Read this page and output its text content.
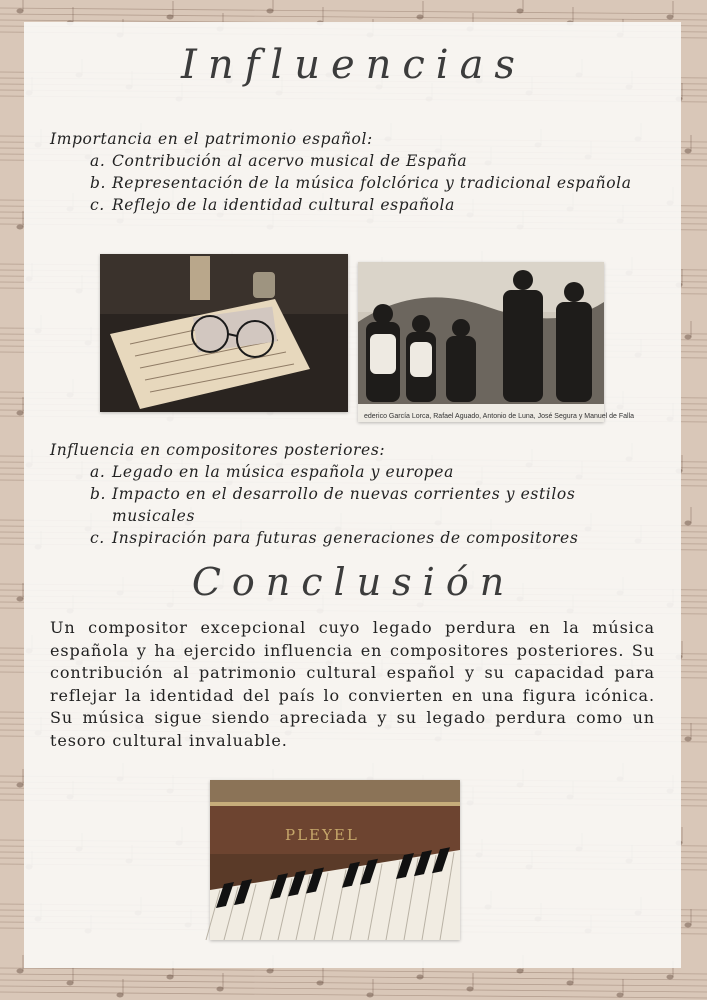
Influencias

Importancia en el patrimonio español:

a. Contribución al acervo musical de España
b. Representación de la música folclórica y tradicional española
c. Reflejo de la identidad cultural española
ederico García Lorca, Rafael Aguado, Antonio de Luna, José Segura y Manuel de Falla

Influencia en compositores posteriores:

a. Legado en la música española y europea
b. Impacto en el desarrollo de nuevas corrientes y estilos musicales
c. Inspiración para futuras generaciones de compositores
Conclusión

Un compositor excepcional cuyo legado perdura en la música española y ha ejercido influencia en compositores posteriores. Su contribución al patrimonio cultural español y su capacidad para reflejar la identidad del país lo convierten en una figura icónica. Su música sigue siendo apreciada y su legado perdura como un tesoro cultural invaluable.

PLEYEL
